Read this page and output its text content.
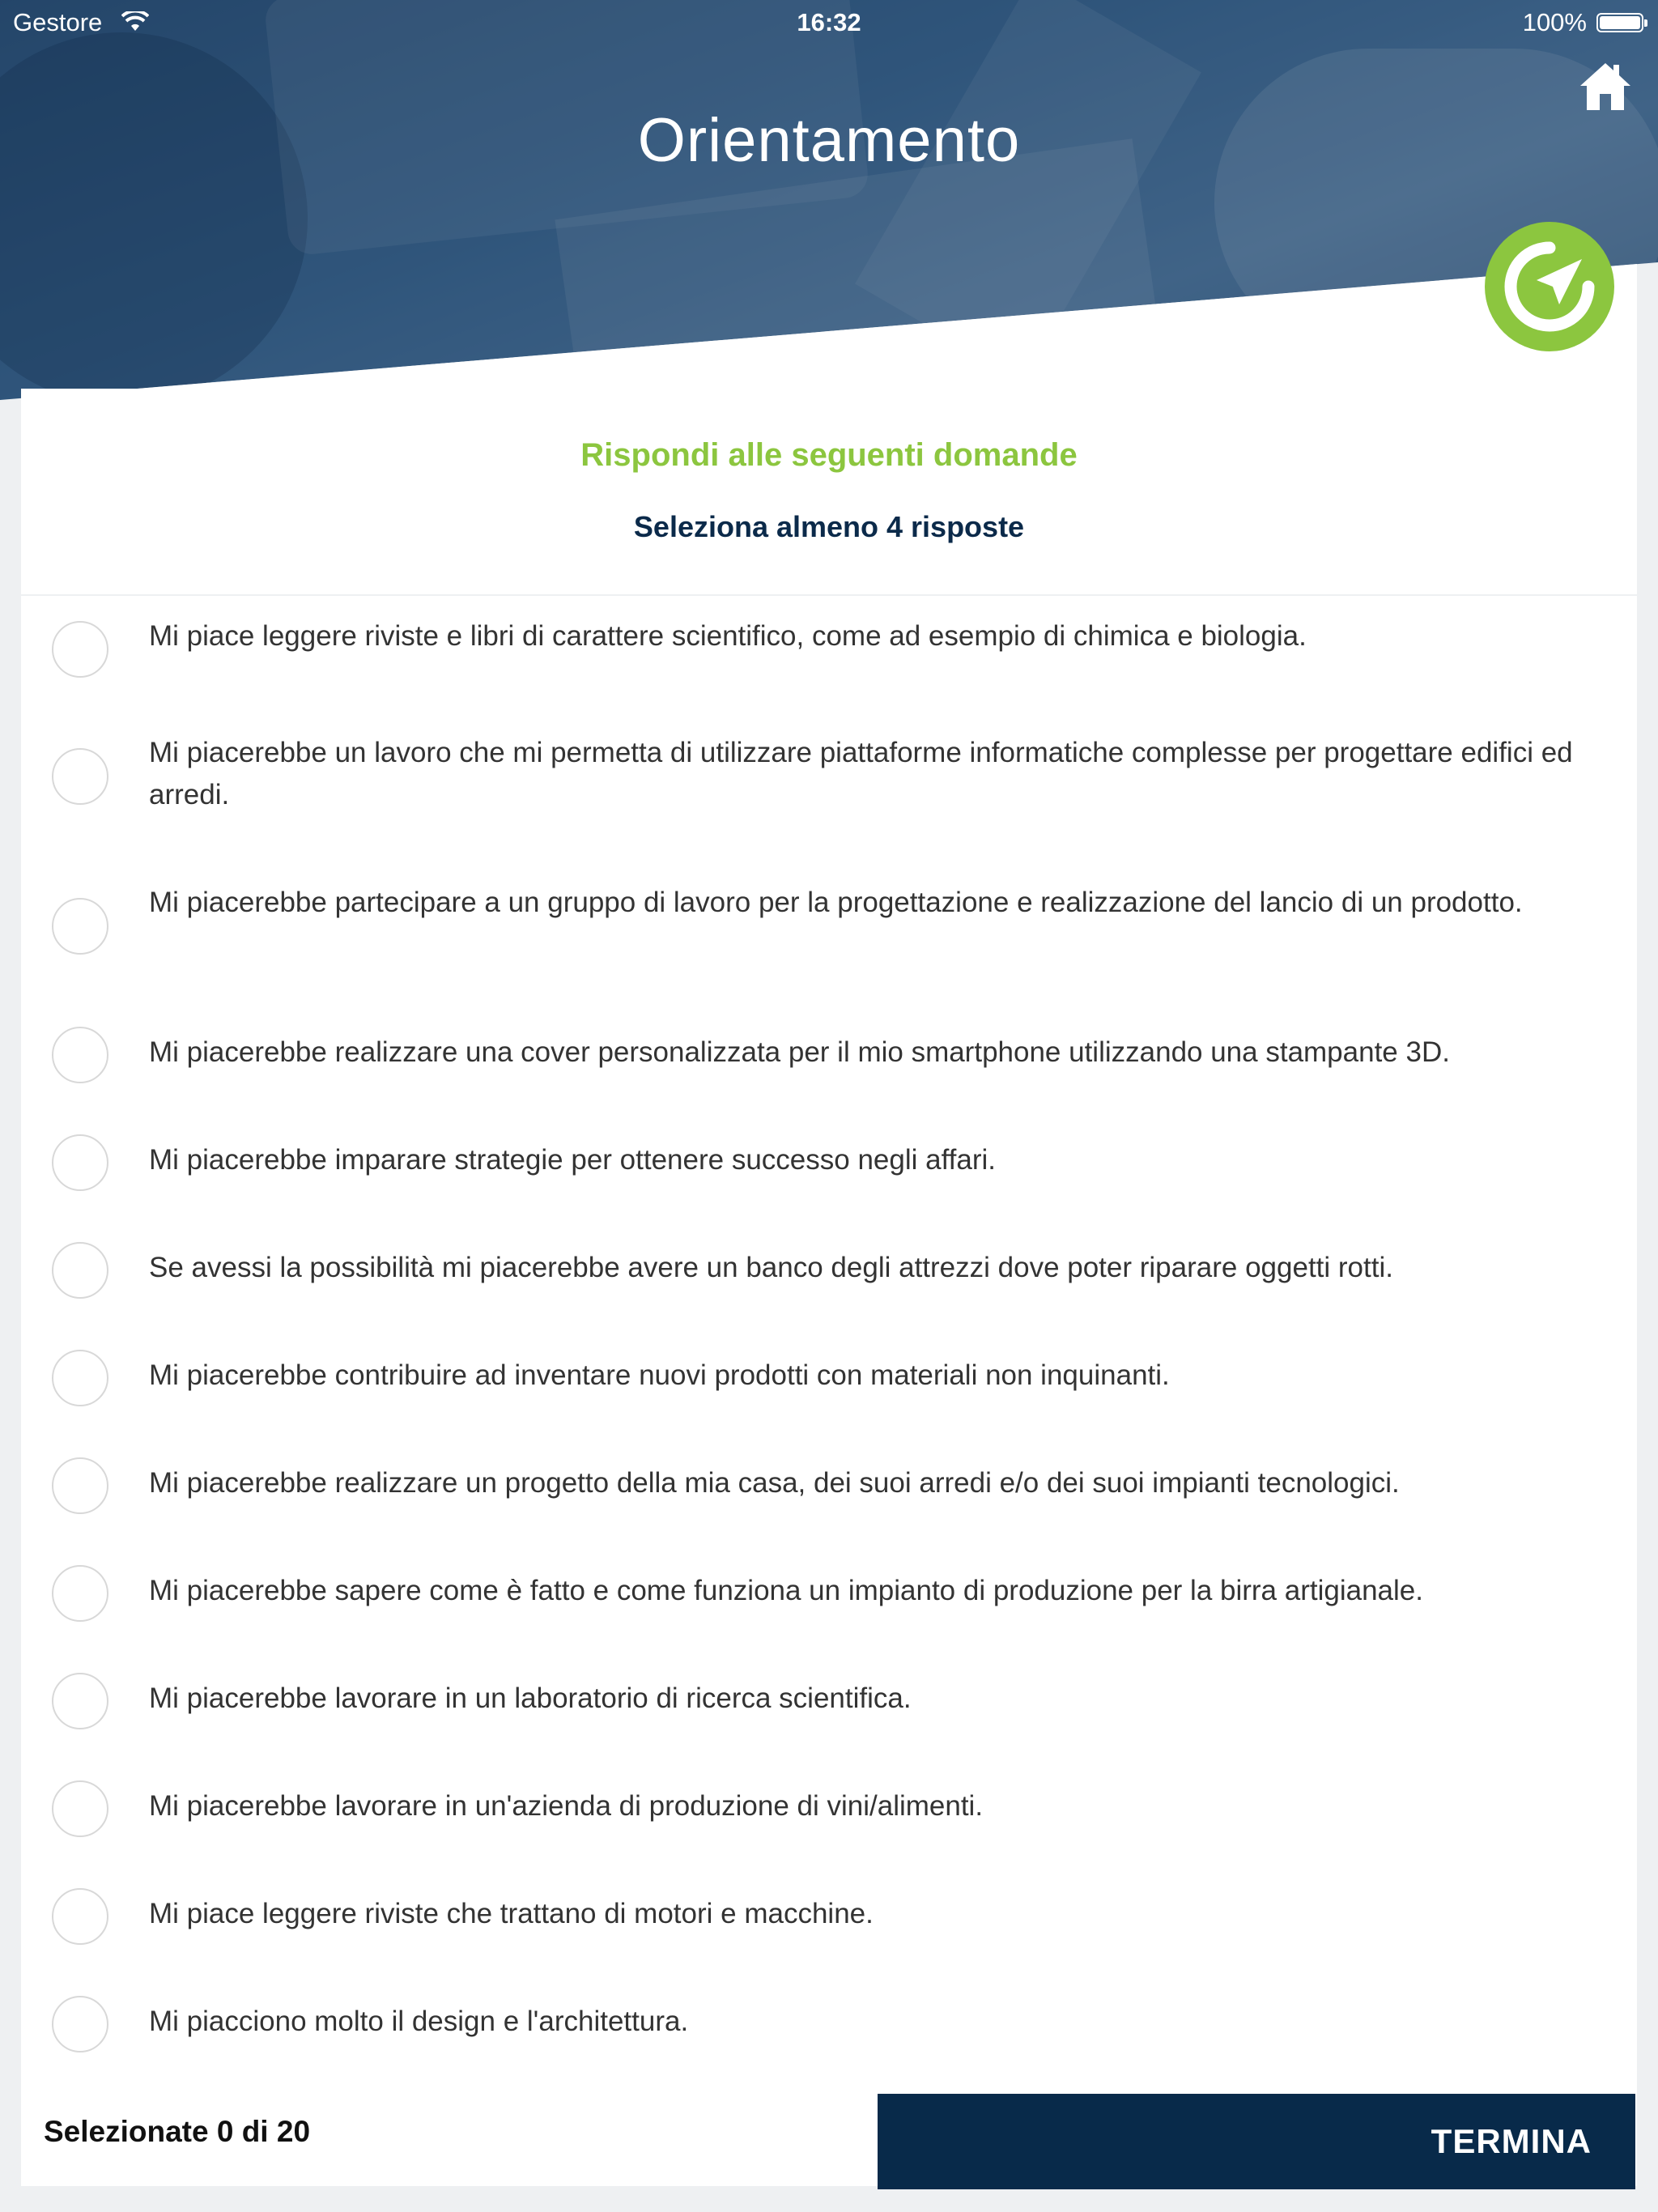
Gestore	16:32	100%
Orientamento
Rispondi alle seguenti domande
Seleziona almeno 4 risposte
Mi piace leggere riviste e libri di carattere scientifico, come ad esempio di chimica e biologia.
Mi piacerebbe un lavoro che mi permetta di utilizzare piattaforme informatiche complesse per progettare edifici ed arredi.
Mi piacerebbe partecipare a un gruppo di lavoro per la progettazione e realizzazione del lancio di un prodotto.
Mi piacerebbe realizzare una cover personalizzata per il mio smartphone utilizzando una stampante 3D.
Mi piacerebbe imparare strategie per ottenere successo negli affari.
Se avessi la possibilità mi piacerebbe avere un banco degli attrezzi dove poter riparare oggetti rotti.
Mi piacerebbe contribuire ad inventare nuovi prodotti con materiali non inquinanti.
Mi piacerebbe realizzare un progetto della mia casa, dei suoi arredi e/o dei suoi impianti tecnologici.
Mi piacerebbe sapere come è fatto e come funziona un impianto di produzione per la birra artigianale.
Mi piacerebbe lavorare in un laboratorio di ricerca scientifica.
Mi piacerebbe lavorare in un'azienda di produzione di vini/alimenti.
Mi piace leggere riviste che trattano di motori e macchine.
Mi piacciono molto il design e l'architettura.
Selezionate 0 di 20	TERMINA
